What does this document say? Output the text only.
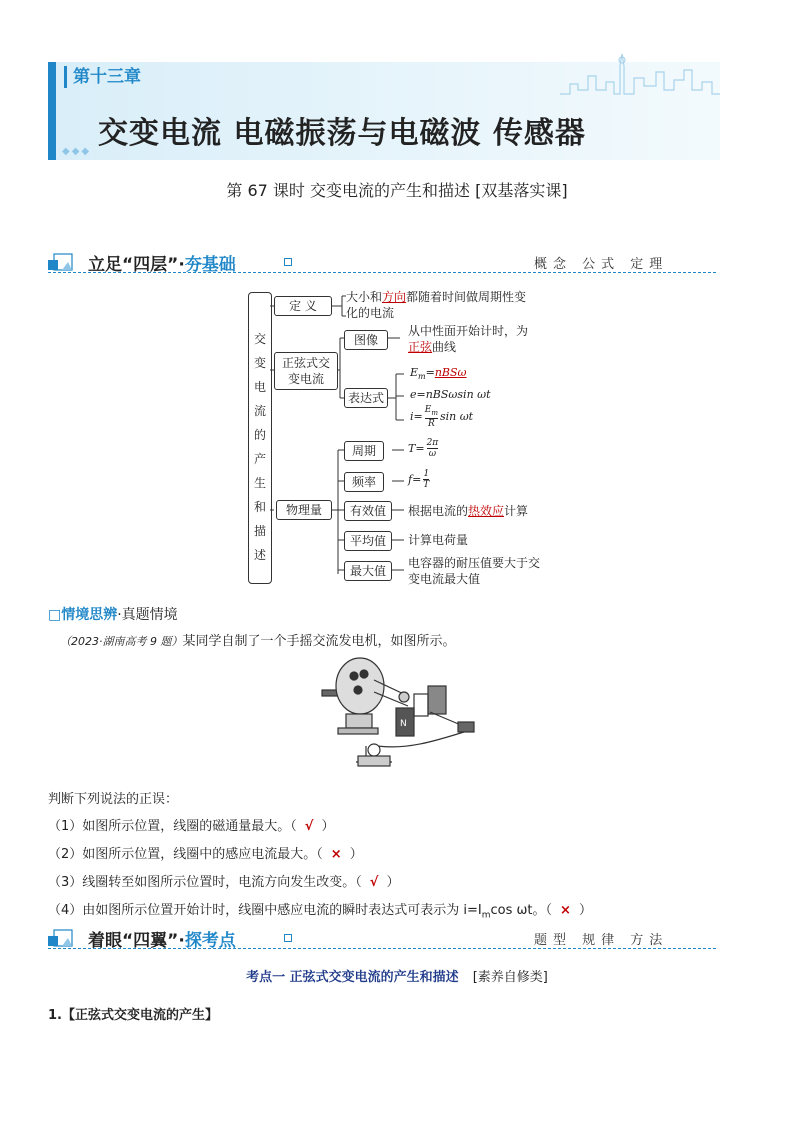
第十三章
交变电流 电磁振荡与电磁波 传感器
◆◆◆
第 67 课时 交变电流的产生和描述 [双基落实课]
立足“四层”·夯基础	概念 公式 定理
交
变
电
流
的
产
生
和
描
述
定 义
大小和方向都随着时间做周期性变
化的电流
正弦式交
变电流
图像
从中性面开始计时，为
正弦曲线
表达式
$E_m=nBS\omega$
e=nBSωsin ωt
$i= \frac{E_m}{R}$ sin ωt
物理量
周期	$T= \frac{2\pi}{\omega}$
频率	$f= \frac{1}{T}$
有效值	根据电流的热效应计算
平均值	计算电荷量
最大值
电容器的耐压值要大于交
变电流最大值
□情境思辨·真题情境
（2023·湖南高考 9 题）某同学自制了一个手摇交流发电机，如图所示。
N
判断下列说法的正误：
（1）如图所示位置，线圈的磁通量最大。（ √ ）
（2）如图所示位置，线圈中的感应电流最大。（ × ）
（3）线圈转至如图所示位置时，电流方向发生改变。（ √ ）
（4）由如图所示位置开始计时，线圈中感应电流的瞬时表达式可表示为 $i=I_m\cos$ ωt。（ × ）
着眼“四翼”·探考点	题型 规律 方法
考点一 正弦式交变电流的产生和描述 [素养自修类]
1.【正弦式交变电流的产生】
